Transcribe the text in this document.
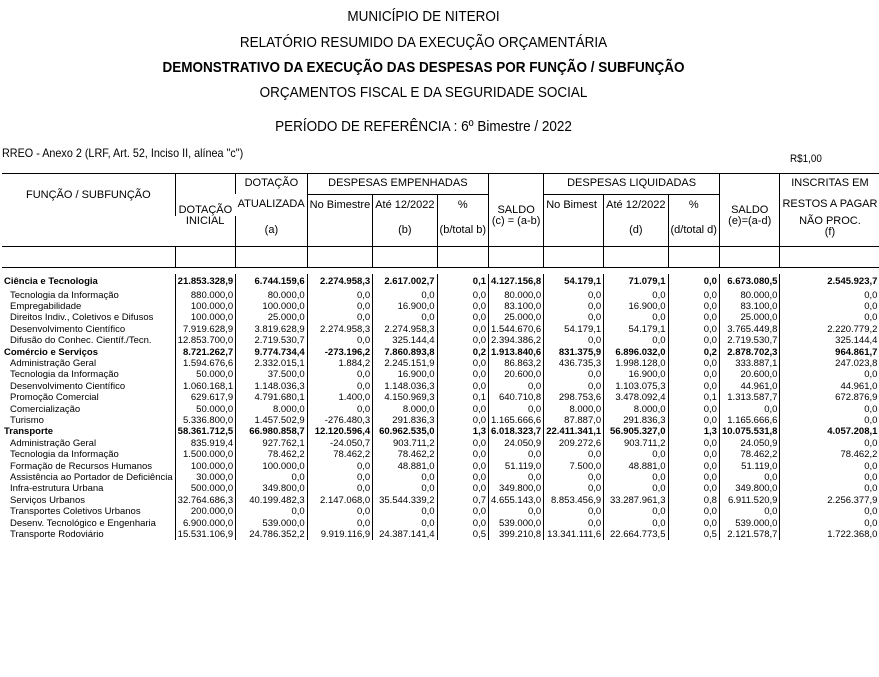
MUNICÍPIO DE NITEROI
RELATÓRIO RESUMIDO DA EXECUÇÃO ORÇAMENTÁRIA
DEMONSTRATIVO DA EXECUÇÃO DAS DESPESAS POR FUNÇÃO / SUBFUNÇÃO
ORÇAMENTOS FISCAL E DA SEGURIDADE SOCIAL
PERÍODO DE REFERÊNCIA : 6º Bimestre / 2022
RREO - Anexo 2 (LRF, Art. 52, Inciso II, alínea "c")	R$1,00
FUNÇÃO / SUBFUNÇÃO	DOTAÇÃO	DOTAÇÃO	DESPESAS EMPENHADAS			SALDO	DESPESAS LIQUIDADAS			SALDO	INSCRITAS EM
		ATUALIZADA	No Bimestre	Até 12/2022	%		No Bimest	Até 12/2022	%		RESTOS A PAGAR
	INICIAL	(a)		(b)	(b/total b)	(c) = (a-b)		(d)	(d/total d)	(e)=(a-d)	NÃO PROC.
(f)

Ciência e Tecnologia	21.853.328,9	6.744.159,6	2.274.958,3	2.617.002,7	0,1	4.127.156,8	54.179,1	71.079,1	0,0	6.673.080,5	2.545.923,7
Tecnologia da Informação	880.000,0	80.000,0	0,0	0,0	0,0	80.000,0	0,0	0,0	0,0	80.000,0	0,0
Empregabilidade	100.000,0	100.000,0	0,0	16.900,0	0,0	83.100,0	0,0	16.900,0	0,0	83.100,0	0,0
Direitos Indiv., Coletivos e Difusos	100.000,0	25.000,0	0,0	0,0	0,0	25.000,0	0,0	0,0	0,0	25.000,0	0,0
Desenvolvimento Científico	7.919.628,9	3.819.628,9	2.274.958,3	2.274.958,3	0,0	1.544.670,6	54.179,1	54.179,1	0,0	3.765.449,8	2.220.779,2
Difusão do Conhec. Científ./Tecn.	12.853.700,0	2.719.530,7	0,0	325.144,4	0,0	2.394.386,2	0,0	0,0	0,0	2.719.530,7	325.144,4
Comércio e Serviços	8.721.262,7	9.774.734,4	-273.196,2	7.860.893,8	0,2	1.913.840,6	831.375,9	6.896.032,0	0,2	2.878.702,3	964.861,7
Administração Geral	1.594.676,6	2.332.015,1	1.884,2	2.245.151,9	0,0	86.863,2	436.735,3	1.998.128,0	0,0	333.887,1	247.023,8
Tecnologia da Informação	50.000,0	37.500,0	0,0	16.900,0	0,0	20.600,0	0,0	16.900,0	0,0	20.600,0	0,0
Desenvolvimento Científico	1.060.168,1	1.148.036,3	0,0	1.148.036,3	0,0	0,0	0,0	1.103.075,3	0,0	44.961,0	44.961,0
Promoção Comercial	629.617,9	4.791.680,1	1.400,0	4.150.969,3	0,1	640.710,8	298.753,6	3.478.092,4	0,1	1.313.587,7	672.876,9
Comercialização	50.000,0	8.000,0	0,0	8.000,0	0,0	0,0	8.000,0	8.000,0	0,0	0,0	0,0
Turismo	5.336.800,0	1.457.502,9	-276.480,3	291.836,3	0,0	1.165.666,6	87.887,0	291.836,3	0,0	1.165.666,6	0,0
Transporte	58.361.712,5	66.980.858,7	12.120.596,4	60.962.535,0	1,3	6.018.323,7	22.411.341,1	56.905.327,0	1,3	10.075.531,8	4.057.208,1
Administração Geral	835.919,4	927.762,1	-24.050,7	903.711,2	0,0	24.050,9	209.272,6	903.711,2	0,0	24.050,9	0,0
Tecnologia da Informação	1.500.000,0	78.462,2	78.462,2	78.462,2	0,0	0,0	0,0	0,0	0,0	78.462,2	78.462,2
Formação de Recursos Humanos	100.000,0	100.000,0	0,0	48.881,0	0,0	51.119,0	7.500,0	48.881,0	0,0	51.119,0	0,0
Assistência ao Portador de Deficiência	30.000,0	0,0	0,0	0,0	0,0	0,0	0,0	0,0	0,0	0,0	0,0
Infra-estrutura Urbana	500.000,0	349.800,0	0,0	0,0	0,0	349.800,0	0,0	0,0	0,0	349.800,0	0,0
Serviços Urbanos	32.764.686,3	40.199.482,3	2.147.068,0	35.544.339,2	0,7	4.655.143,0	8.853.456,9	33.287.961,3	0,8	6.911.520,9	2.256.377,9
Transportes Coletivos Urbanos	200.000,0	0,0	0,0	0,0	0,0	0,0	0,0	0,0	0,0	0,0	0,0
Desenv. Tecnológico e Engenharia	6.900.000,0	539.000,0	0,0	0,0	0,0	539.000,0	0,0	0,0	0,0	539.000,0	0,0
Transporte Rodoviário	15.531.106,9	24.786.352,2	9.919.116,9	24.387.141,4	0,5	399.210,8	13.341.111,6	22.664.773,5	0,5	2.121.578,7	1.722.368,0
